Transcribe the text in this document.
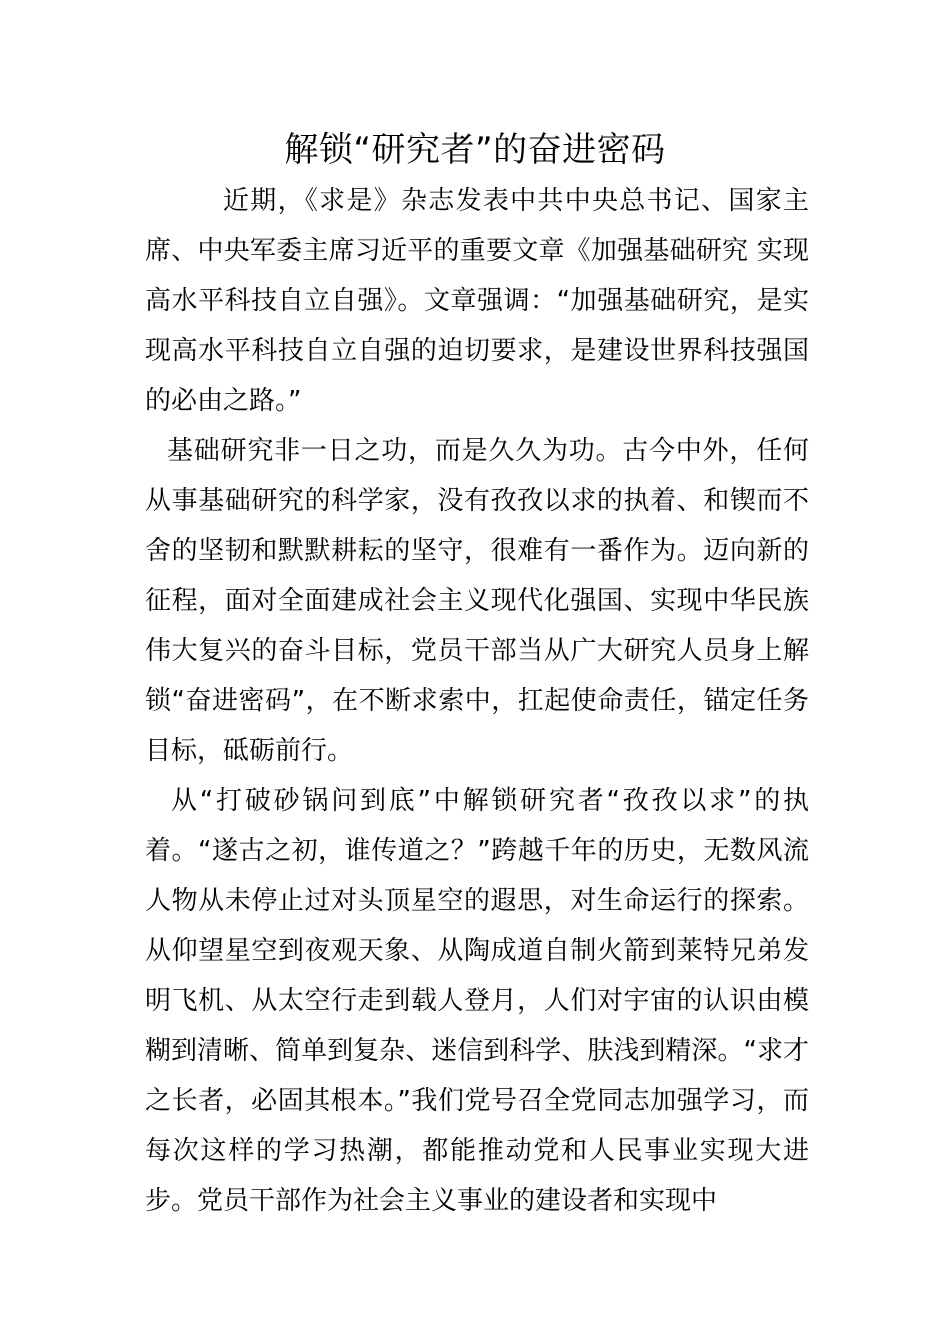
解锁“研究者”的奋进密码

近期，《求是》杂志发表中共中央总书记、国家主席、中央军委主席习近平的重要文章《加强基础研究 实现高水平科技自立自强》。文章强调：“加强基础研究，是实现高水平科技自立自强的迫切要求，是建设世界科技强国的必由之路。”

基础研究非一日之功，而是久久为功。古今中外，任何从事基础研究的科学家，没有孜孜以求的执着、和锲而不舍的坚韧和默默耕耘的坚守，很难有一番作为。迈向新的征程，面对全面建成社会主义现代化强国、实现中华民族伟大复兴的奋斗目标，党员干部当从广大研究人员身上解锁“奋进密码”，在不断求索中，扛起使命责任，锚定任务目标，砥砺前行。

从“打破砂锅问到底”中解锁研究者“孜孜以求”的执着。“遂古之初，谁传道之？”跨越千年的历史，无数风流人物从未停止过对头顶星空的遐思，对生命运行的探索。从仰望星空到夜观天象、从陶成道自制火箭到莱特兄弟发明飞机、从太空行走到载人登月，人们对宇宙的认识由模糊到清晰、简单到复杂、迷信到科学、肤浅到精深。“求才之长者，必固其根本。”我们党号召全党同志加强学习，而每次这样的学习热潮，都能推动党和人民事业实现大进步。党员干部作为社会主义事业的建设者和实现中
